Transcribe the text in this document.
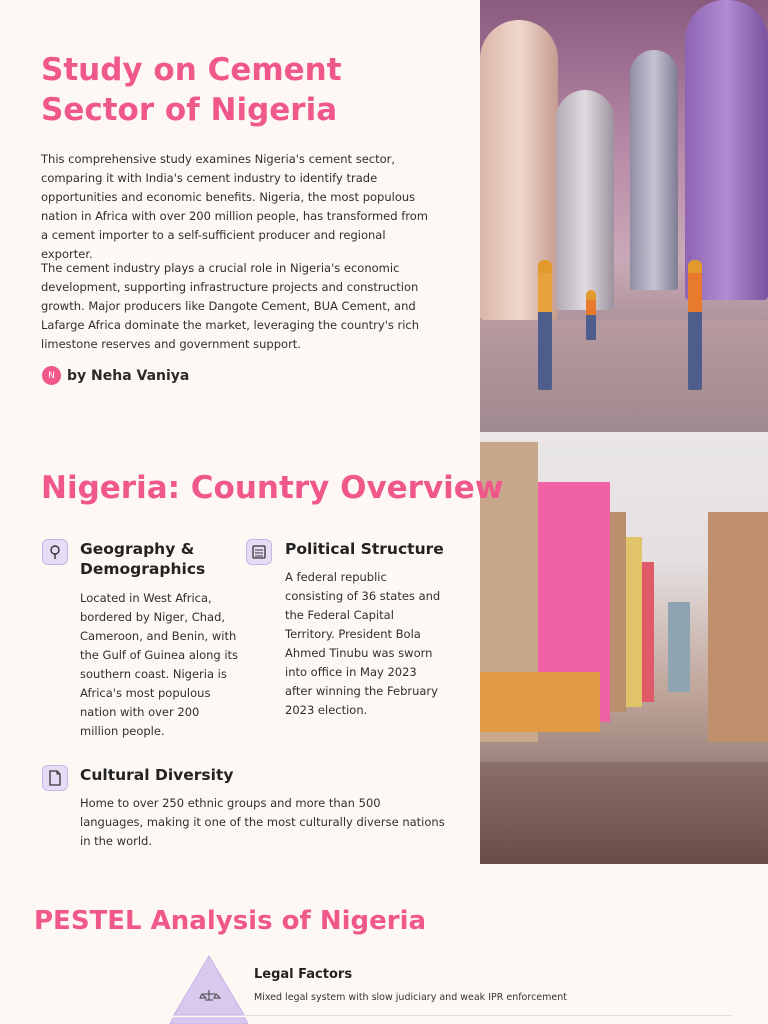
Study on Cement Sector of Nigeria

This comprehensive study examines Nigeria's cement sector, comparing it with India's cement industry to identify trade opportunities and economic benefits. Nigeria, the most populous nation in Africa with over 200 million people, has transformed from a cement importer to a self-sufficient producer and regional exporter.

The cement industry plays a crucial role in Nigeria's economic development, supporting infrastructure projects and construction growth. Major producers like Dangote Cement, BUA Cement, and Lafarge Africa dominate the market, leveraging the country's rich limestone reserves and government support.

N by Neha Vaniya
Nigeria: Country Overview
Geography & Demographics

Located in West Africa, bordered by Niger, Chad, Cameroon, and Benin, with the Gulf of Guinea along its southern coast. Nigeria is Africa's most populous nation with over 200 million people.

Political Structure

A federal republic consisting of 36 states and the Federal Capital Territory. President Bola Ahmed Tinubu was sworn into office in May 2023 after winning the February 2023 election.

Cultural Diversity

Home to over 250 ethnic groups and more than 500 languages, making it one of the most culturally diverse nations in the world.

PESTEL Analysis of Nigeria
Legal Factors

Mixed legal system with slow judiciary and weak IPR enforcement
